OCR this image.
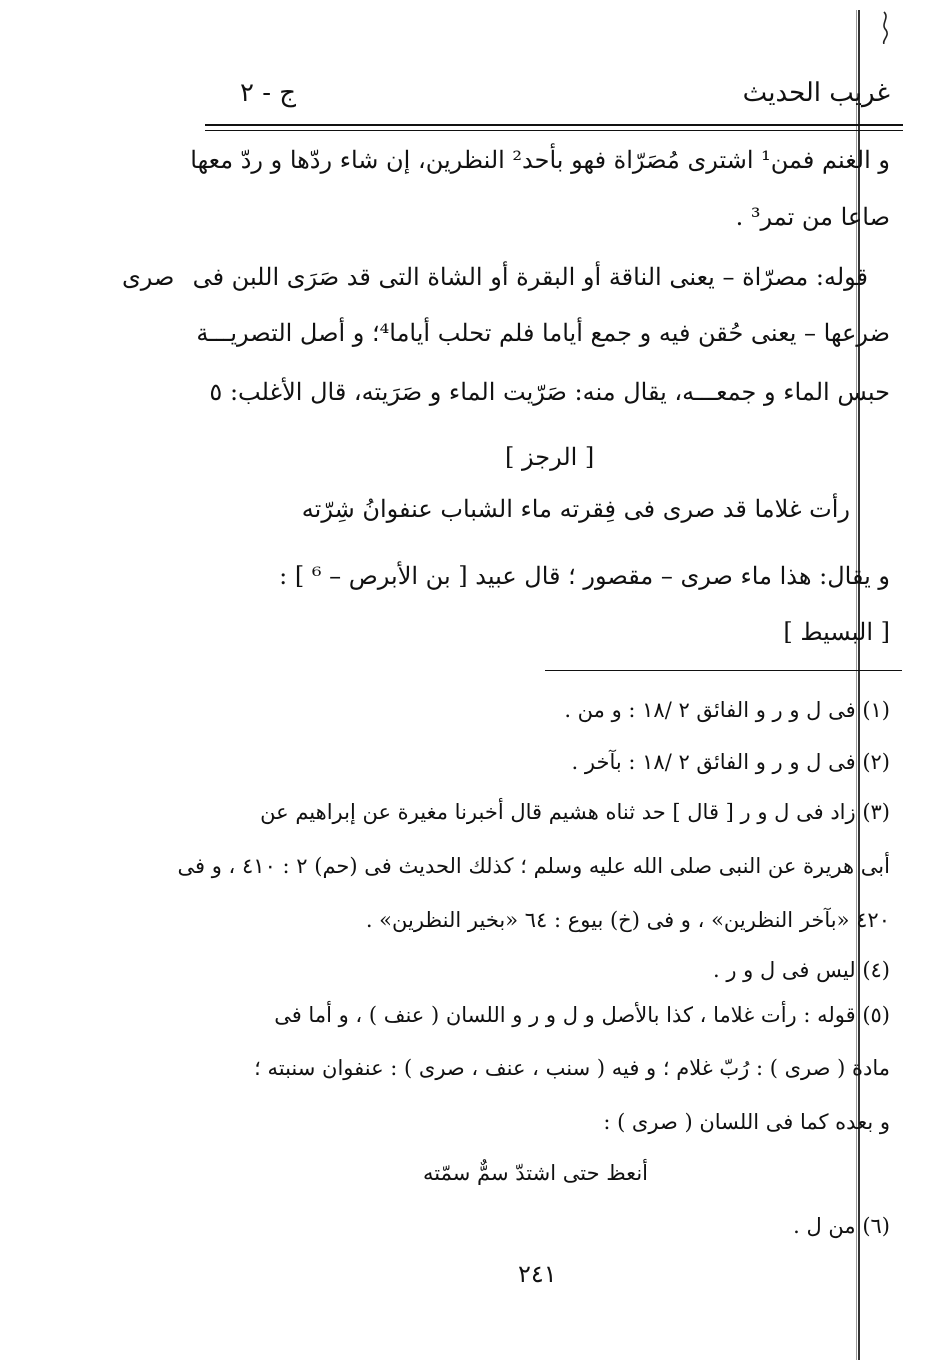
غريب الحديث
ج - ٢
و الغنم فمن¹ اشترى مُصَرّاة فهو بأحد² النظرين، إن شاء ردّها و ردّ معها
صاعا من تمر³ .
قوله: مصرّاة – يعنى الناقة أو البقرة أو الشاة التى قد صَرَى اللبن فى
صرى
ضرعها – يعنى حُقن فيه و جمع أياما فلم تحلب أياما⁴؛ و أصل التصريـــة
حبس الماء و جمعـــه، يقال منه: صَرّيت الماء و صَرَيته، قال الأغلب: ٥
[ الرجز ]
رأت غلاما قد صرى فى فِقرته ماء الشباب عنفوانُ شِرّته
و يقال: هذا ماء صرى – مقصور ؛ قال عبيد [ بن الأبرص – ⁶ ] :
[ البسيط ]
(١) فى ل و ر و الفائق ٢ /١٨ : و من .
(٢) فى ل و ر و الفائق ٢ /١٨ : بآخر .
(٣) زاد فى ل و ر [ قال ] حد ثناه هشيم قال أخبرنا مغيرة عن إبراهيم عن
أبى هريرة عن النبى صلى الله عليه وسلم ؛ كذلك الحديث فى (حم) ٢ : ٤١٠ ، و فى
٤٢٠ «بآخر النظرين» ، و فى (خ) بيوع : ٦٤ «بخير النظرين» .
(٤) ليس فى ل و ر .
(٥) قوله : رأت غلاما ، كذا بالأصل و ل و ر و اللسان ( عنف ) ، و أما فى
مادة ( صرى ) : رُبّ غلام ؛ و فيه ( سنب ، عنف ، صرى ) : عنفوان سنبته ؛
و بعده كما فى اللسان ( صرى ) :
أنعظ حتى اشتدّ سمٌّ سمّته
(٦) من ل .
٢٤١
